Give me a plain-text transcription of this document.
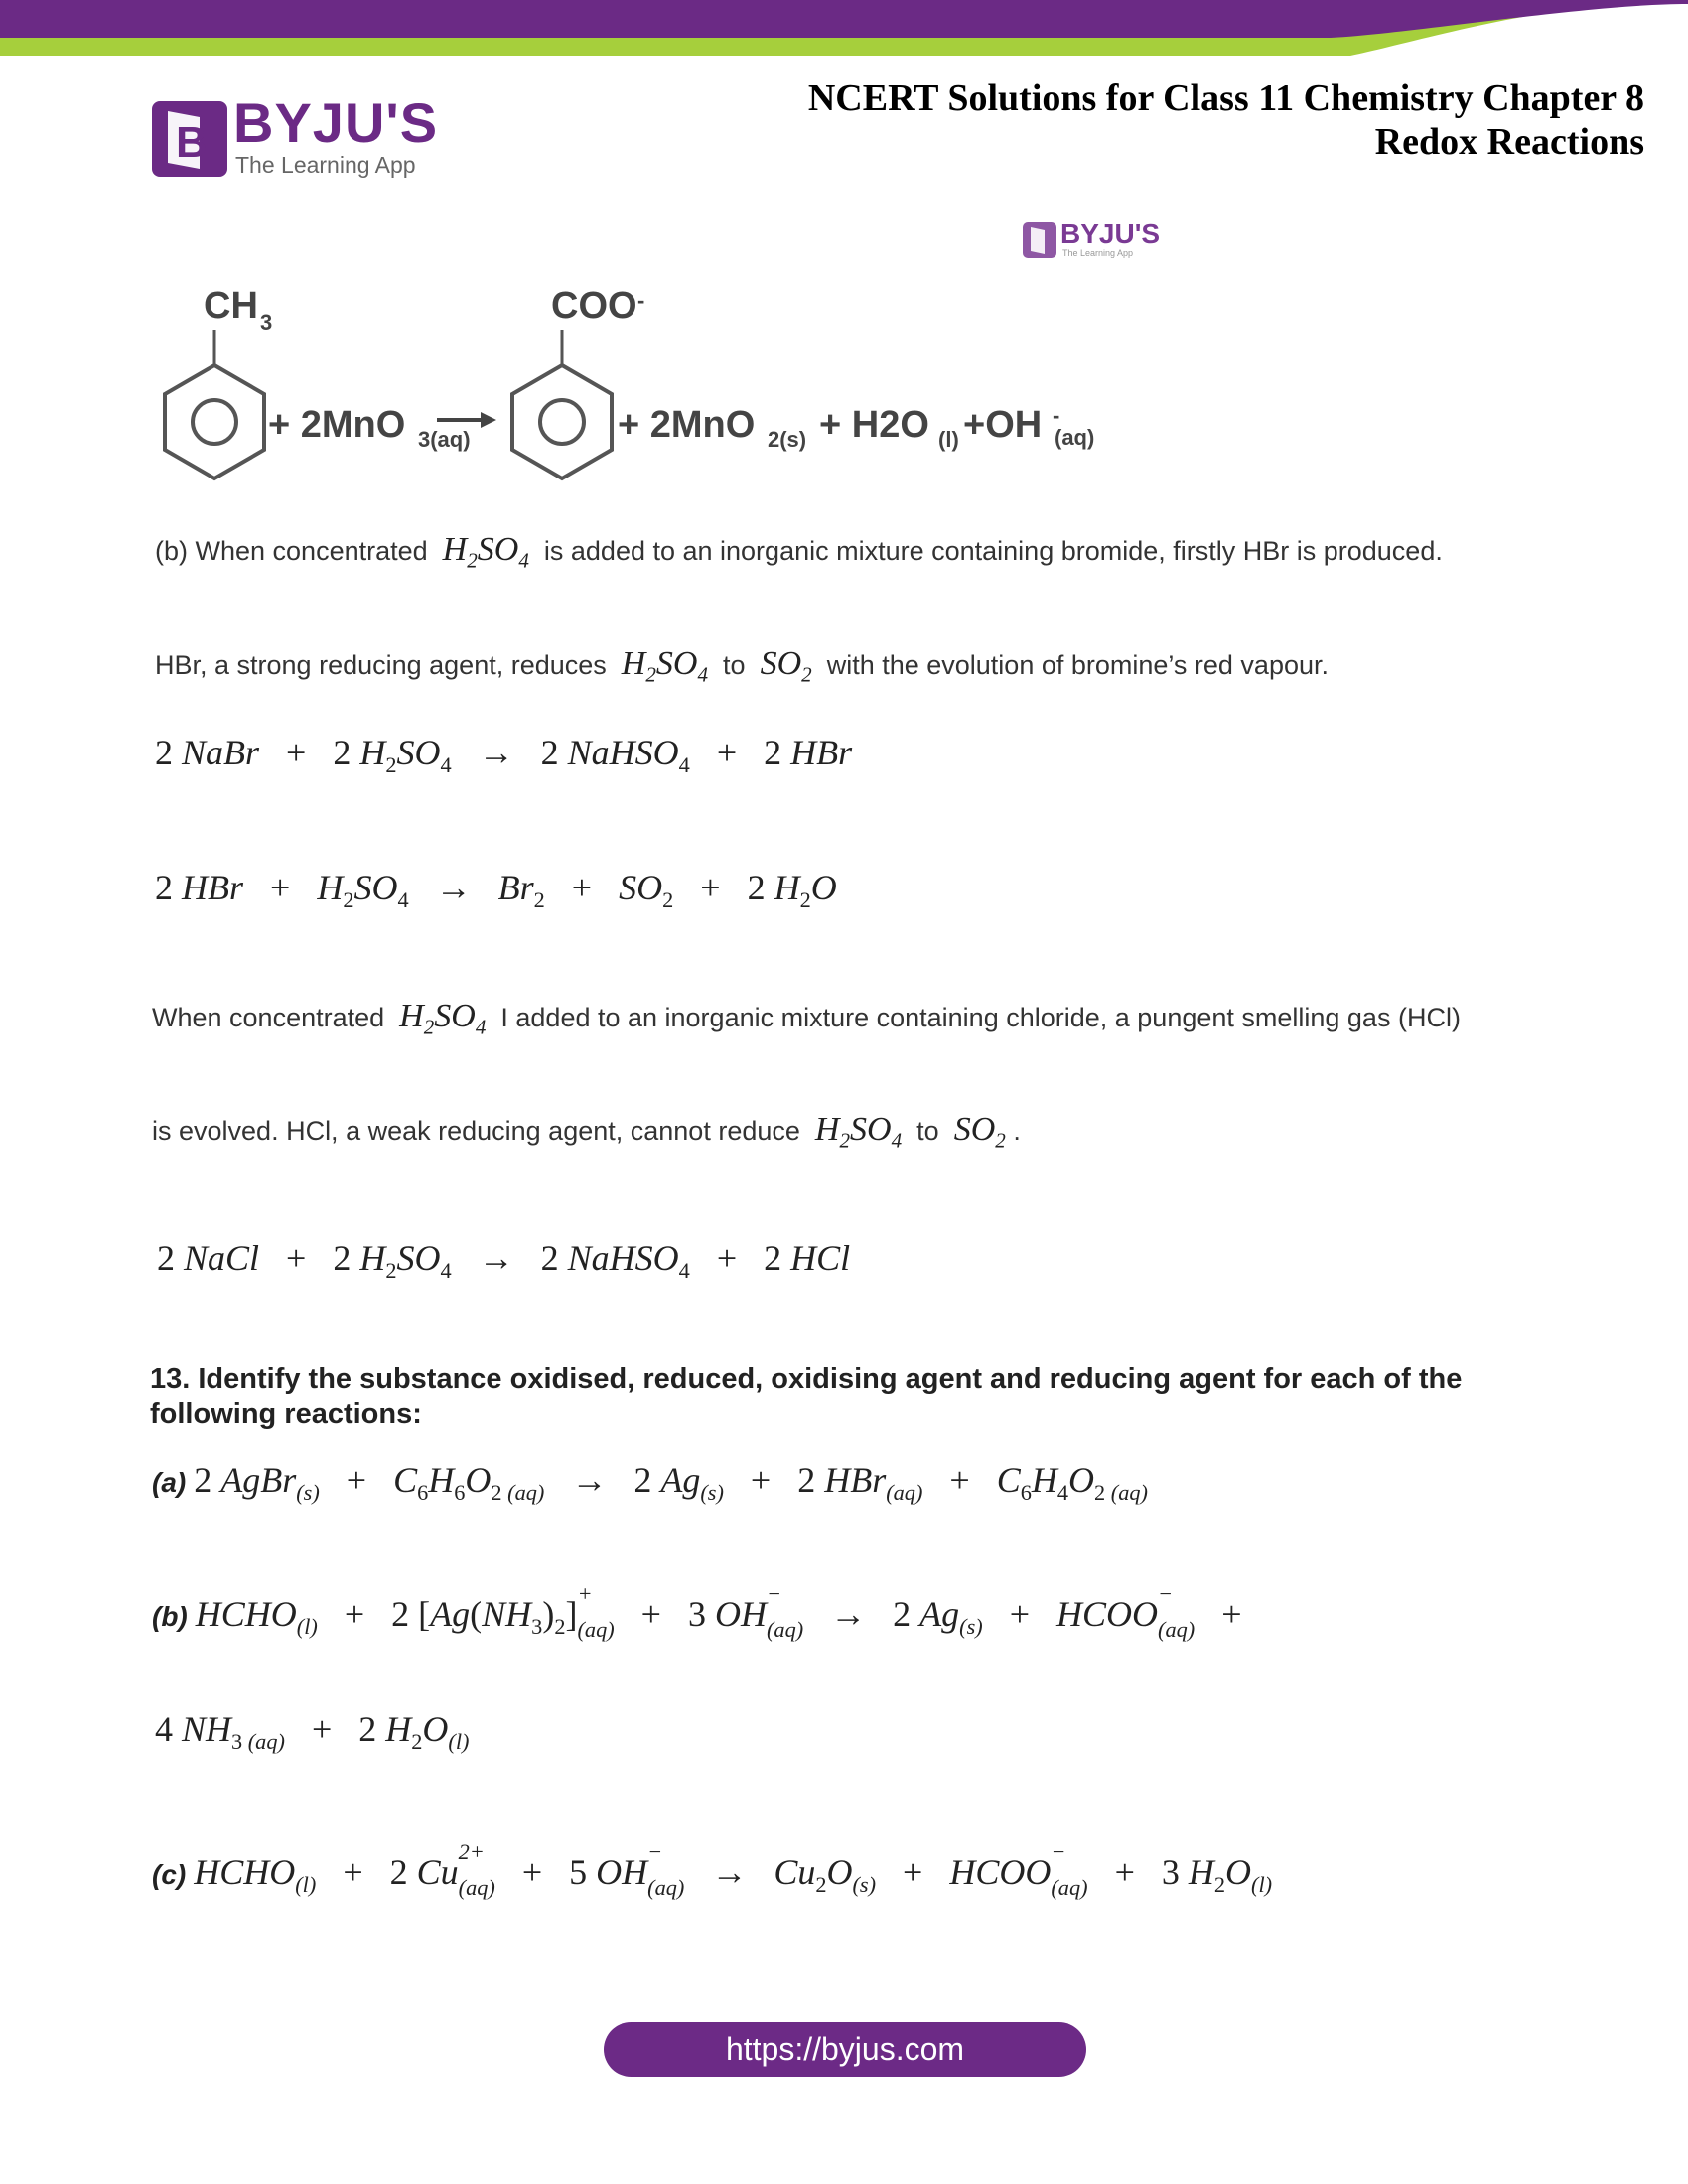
B BYJU'S
The Learning App
NCERT Solutions for Class 11 Chemistry Chapter 8
Redox Reactions
BYJU'S
The Learning App
CH 3
+ 2MnO 3(aq)
COO -
+ 2MnO 2(s) + H2O (l) +OH -
(aq)
(b) When concentrated $H_2SO_4$ is added to an inorganic mixture containing bromide, firstly HBr is produced.
HBr, a strong reducing agent, reduces $H_2SO_4$ to $SO_2$ with the evolution of bromine’s red vapour.
2 NaBr + 2 $H_2SO_4 \to 2$ NaHSO$_4$ + 2 HBr
2 HBr + $H_2SO_4 \to Br_2 + SO_2 + 2$ $H_2O$
When concentrated $H_2SO_4$ I added to an inorganic mixture containing chloride, a pungent smelling gas (HCl)
is evolved. HCl, a weak reducing agent, cannot reduce $H_2SO_4$ to $SO_2$ .
2 NaCl + 2 $H_2SO_4 \to 2$ NaHSO$_4$ + 2 HCl
13. Identify the substance oxidised, reduced, oxidising agent and reducing agent for each of the following reactions:
(a) 2 AgBr$_{(s)}$ + $C_6H_6O_{2 (aq)} \to 2$ $Ag_{(s)} + 2$ $HBr_{(aq)} + C_6H_4O_{2 (aq)}$
(b) $HCHO_{(l)} + 2$ $[Ag(NH_3)_2]$
+
(aq) + 3 OH
−
(aq) → 2 $Ag_{(s)}$ + HCOO
−
(aq) +
4 $NH_{3 (aq)} + 2$ $H_2O_{(l)}$
(c) $HCHO_{(l)} + 2$ Cu
2+
(aq) + 5 OH
−
$(aq) \to Cu_2O_{(s)}$ + HCOO
−
(aq) + 3 $H_2O_{(l)}$
https://byjus.com
